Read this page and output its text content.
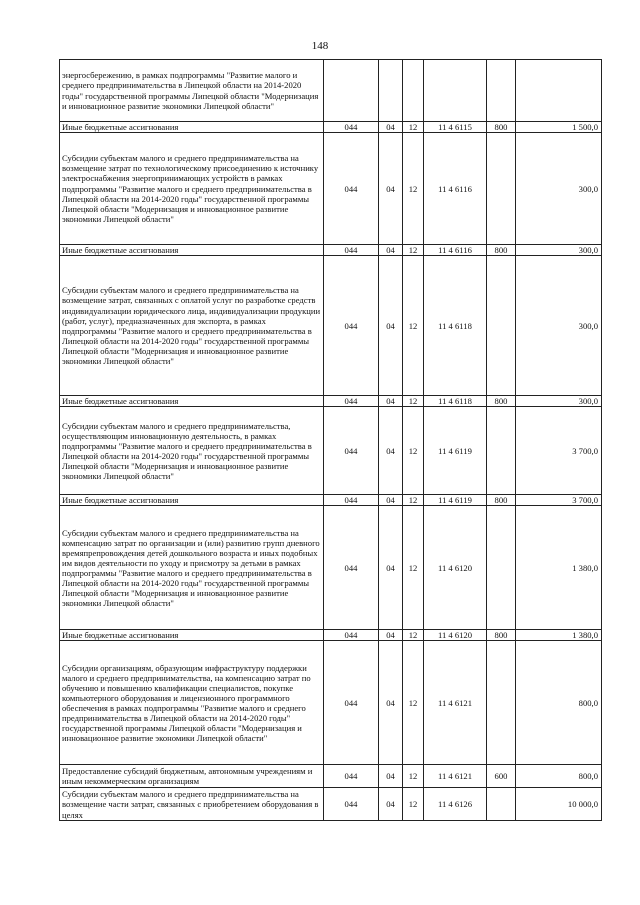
148
энергосбережению, в рамках подпрограммы "Развитие малого и среднего предпринимательства в Липецкой области на 2014-2020 годы" государственной программы Липецкой области "Модернизация и инновационное развитие экономики Липецкой области"						
Иные бюджетные ассигнования	044	04	12	11 4 6115	800	1 500,0
Субсидии субъектам малого и среднего предпринимательства на возмещение затрат по технологическому присоединению к источнику электроснабжения энергопринимающих устройств в рамках подпрограммы "Развитие малого и среднего предпринимательства в Липецкой области на 2014-2020 годы" государственной программы Липецкой области "Модернизация и инновационное развитие экономики Липецкой области"	044	04	12	11 4 6116		300,0
Иные бюджетные ассигнования	044	04	12	11 4 6116	800	300,0
Субсидии субъектам малого и среднего предпринимательства на возмещение затрат, связанных с оплатой услуг по разработке средств индивидуализации юридического лица, индивидуализации продукции (работ, услуг), предназначенных для экспорта, в рамках подпрограммы "Развитие малого и среднего предпринимательства в Липецкой области на 2014-2020 годы" государственной программы Липецкой области "Модернизация и инновационное развитие экономики Липецкой области"	044	04	12	11 4 6118		300,0
Иные бюджетные ассигнования	044	04	12	11 4 6118	800	300,0
Субсидии субъектам малого и среднего предпринимательства, осуществляющим инновационную деятельность, в рамках подпрограммы "Развитие малого и среднего предпринимательства в Липецкой области на 2014-2020 годы" государственной программы Липецкой области "Модернизация и инновационное развитие экономики Липецкой области"	044	04	12	11 4 6119		3 700,0
Иные бюджетные ассигнования	044	04	12	11 4 6119	800	3 700,0
Субсидии субъектам малого и среднего предпринимательства на компенсацию затрат по организации и (или) развитию групп дневного времяпрепровождения детей дошкольного возраста и иных подобных им видов деятельности по уходу и присмотру за детьми в рамках подпрограммы "Развитие малого и среднего предпринимательства в Липецкой области на 2014-2020 годы" государственной программы Липецкой области "Модернизация и инновационное развитие экономики Липецкой области"	044	04	12	11 4 6120		1 380,0
Иные бюджетные ассигнования	044	04	12	11 4 6120	800	1 380,0
Субсидии организациям, образующим инфраструктуру поддержки малого и среднего предпринимательства, на компенсацию затрат по обучению и повышению квалификации специалистов, покупке компьютерного оборудования и лицензионного программного обеспечения в рамках подпрограммы "Развитие малого и среднего предпринимательства в Липецкой области на 2014-2020 годы" государственной программы Липецкой области "Модернизация и инновационное развитие экономики Липецкой области"	044	04	12	11 4 6121		800,0
Предоставление субсидий бюджетным, автономным учреждениям и иным некоммерческим организациям	044	04	12	11 4 6121	600	800,0
Субсидии субъектам малого и среднего предпринимательства на возмещение части затрат, связанных с приобретением оборудования в целях	044	04	12	11 4 6126		10 000,0
